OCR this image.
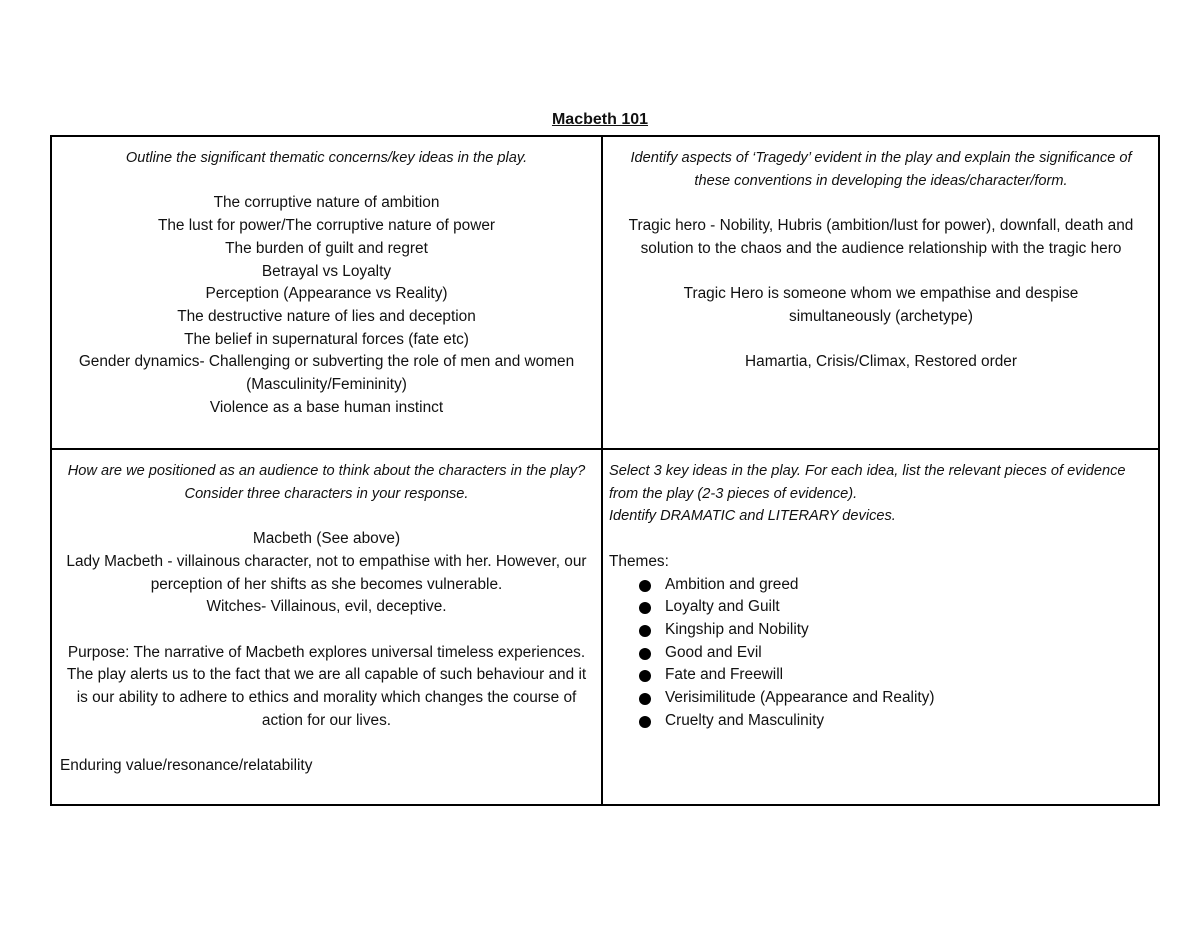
Macbeth 101
Outline the significant thematic concerns/key ideas in the play.
The corruptive nature of ambition
The lust for power/The corruptive nature of power
The burden of guilt and regret
Betrayal vs Loyalty
Perception (Appearance vs Reality)
The destructive nature of lies and deception
The belief in supernatural forces (fate etc)
Gender dynamics- Challenging or subverting the role of men and women (Masculinity/Femininity)
Violence as a base human instinct
Identify aspects of ‘Tragedy’ evident in the play and explain the significance of these conventions in developing the ideas/character/form.
Tragic hero - Nobility, Hubris (ambition/lust for power), downfall, death and solution to the chaos and the audience relationship with the tragic hero
Tragic Hero is someone whom we empathise and despise simultaneously (archetype)
Hamartia, Crisis/Climax, Restored order
How are we positioned as an audience to think about the characters in the play? Consider three characters in your response.
Macbeth (See above)
Lady Macbeth - villainous character, not to empathise with her. However, our perception of her shifts as she becomes vulnerable.
Witches- Villainous, evil, deceptive.
Purpose: The narrative of Macbeth explores universal timeless experiences. The play alerts us to the fact that we are all capable of such behaviour and it is our ability to adhere to ethics and morality which changes the course of action for our lives.
Enduring value/resonance/relatability
Select 3 key ideas in the play. For each idea, list the relevant pieces of evidence from the play (2-3 pieces of evidence).
Identify DRAMATIC and LITERARY devices.
Themes:
Ambition and greed
Loyalty and Guilt
Kingship and Nobility
Good and Evil
Fate and Freewill
Verisimilitude (Appearance and Reality)
Cruelty and Masculinity
